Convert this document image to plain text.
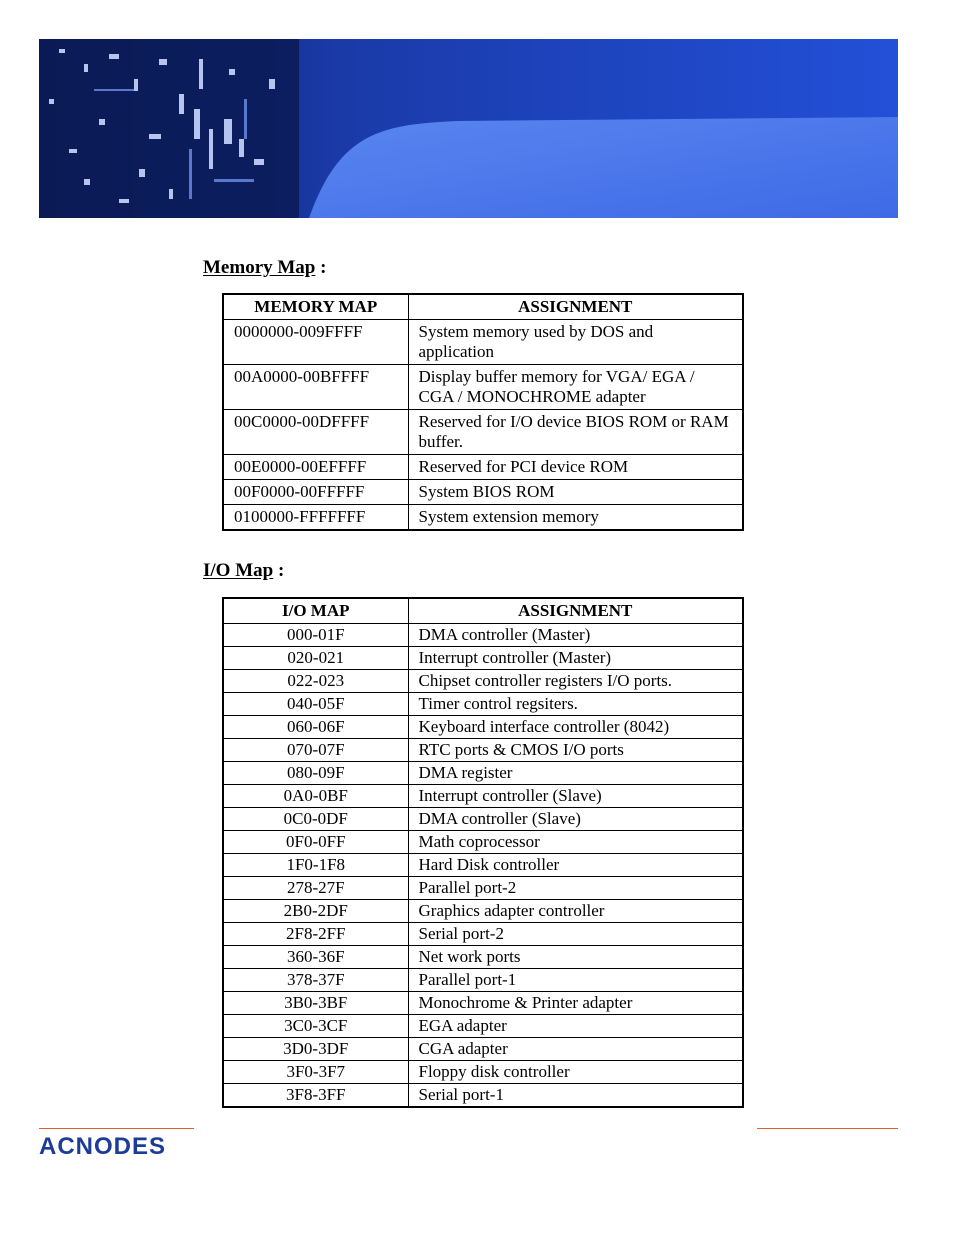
Memory Map :
MEMORY MAP	ASSIGNMENT
0000000-009FFFF	System memory used by DOS and application
00A0000-00BFFFF	Display buffer memory for VGA/ EGA / CGA / MONOCHROME adapter
00C0000-00DFFFF	Reserved for I/O device BIOS ROM or RAM buffer.
00E0000-00EFFFF	Reserved for PCI device ROM
00F0000-00FFFFF	System BIOS ROM
0100000-FFFFFFF	System extension memory
I/O Map :
I/O MAP	ASSIGNMENT
000-01F	DMA controller (Master)
020-021	Interrupt controller (Master)
022-023	Chipset controller registers I/O ports.
040-05F	Timer control regsiters.
060-06F	Keyboard interface controller (8042)
070-07F	RTC ports & CMOS I/O ports
080-09F	DMA register
0A0-0BF	Interrupt controller (Slave)
0C0-0DF	DMA controller (Slave)
0F0-0FF	Math coprocessor
1F0-1F8	Hard Disk controller
278-27F	Parallel port-2
2B0-2DF	Graphics adapter controller
2F8-2FF	Serial port-2
360-36F	Net work ports
378-37F	Parallel port-1
3B0-3BF	Monochrome & Printer adapter
3C0-3CF	EGA adapter
3D0-3DF	CGA adapter
3F0-3F7	Floppy disk controller
3F8-3FF	Serial port-1
ACNODES
